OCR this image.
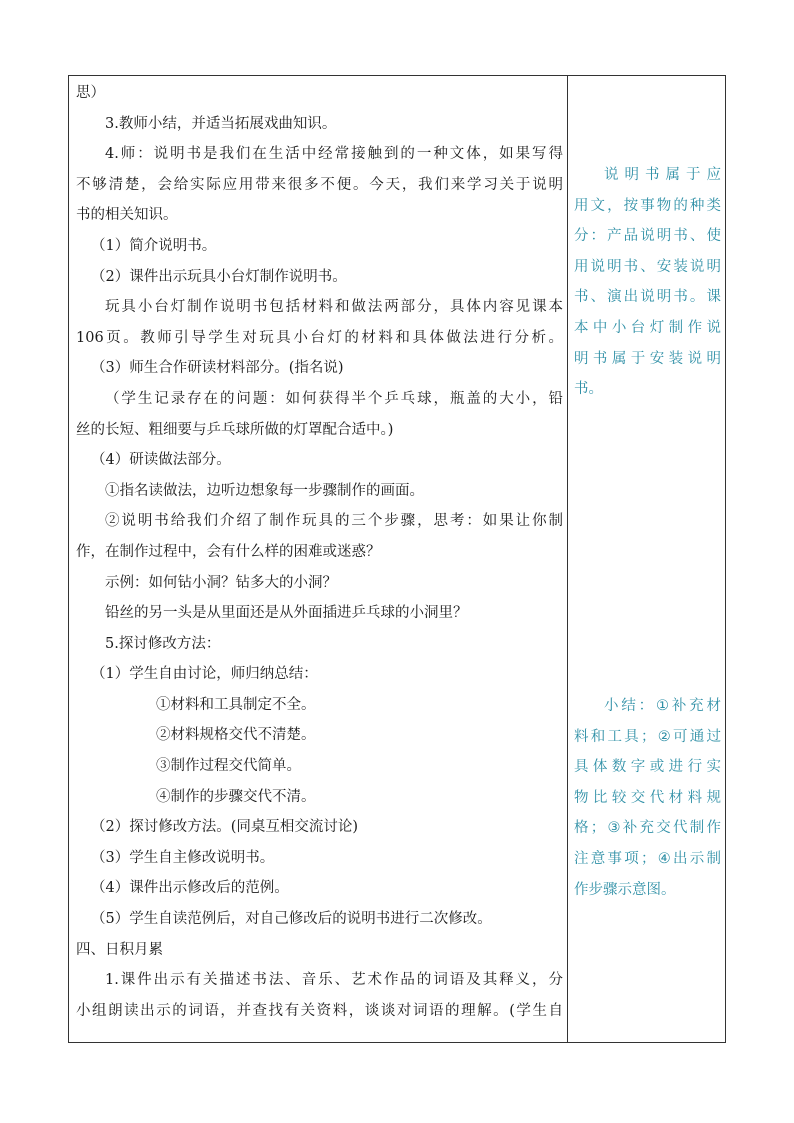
思）
3.教师小结，并适当拓展戏曲知识。
4.师：说明书是我们在生活中经常接触到的一种文体，如果写得
不够清楚，会给实际应用带来很多不便。今天，我们来学习关于说明
书的相关知识。
（1）简介说明书。
（2）课件出示玩具小台灯制作说明书。
玩具小台灯制作说明书包括材料和做法两部分，具体内容见课本
106页。教师引导学生对玩具小台灯的材料和具体做法进行分析。
（3）师生合作研读材料部分。(指名说)
（学生记录存在的问题：如何获得半个乒乓球，瓶盖的大小，铅
丝的长短、粗细要与乒乓球所做的灯罩配合适中。)
（4）研读做法部分。
①指名读做法，边听边想象每一步骤制作的画面。
②说明书给我们介绍了制作玩具的三个步骤，思考：如果让你制
作，在制作过程中，会有什么样的困难或迷惑？
示例：如何钻小洞？钻多大的小洞？
铅丝的另一头是从里面还是从外面插进乒乓球的小洞里？
5.探讨修改方法：
（1）学生自由讨论，师归纳总结：
①材料和工具制定不全。
②材料规格交代不清楚。
③制作过程交代简单。
④制作的步骤交代不清。
（2）探讨修改方法。(同桌互相交流讨论)
（3）学生自主修改说明书。
（4）课件出示修改后的范例。
（5）学生自读范例后，对自己修改后的说明书进行二次修改。
四、日积月累
1.课件出示有关描述书法、音乐、艺术作品的词语及其释义，分
小组朗读出示的词语，并查找有关资料，谈谈对词语的理解。(学生自
说明书属于应
用文，按事物的种类
分：产品说明书、使
用说明书、安装说明
书、演出说明书。课
本中小台灯制作说
明书属于安装说明
书。
小结：①补充材
料和工具；②可通过
具体数字或进行实
物比较交代材料规
格；③补充交代制作
注意事项；④出示制
作步骤示意图。
